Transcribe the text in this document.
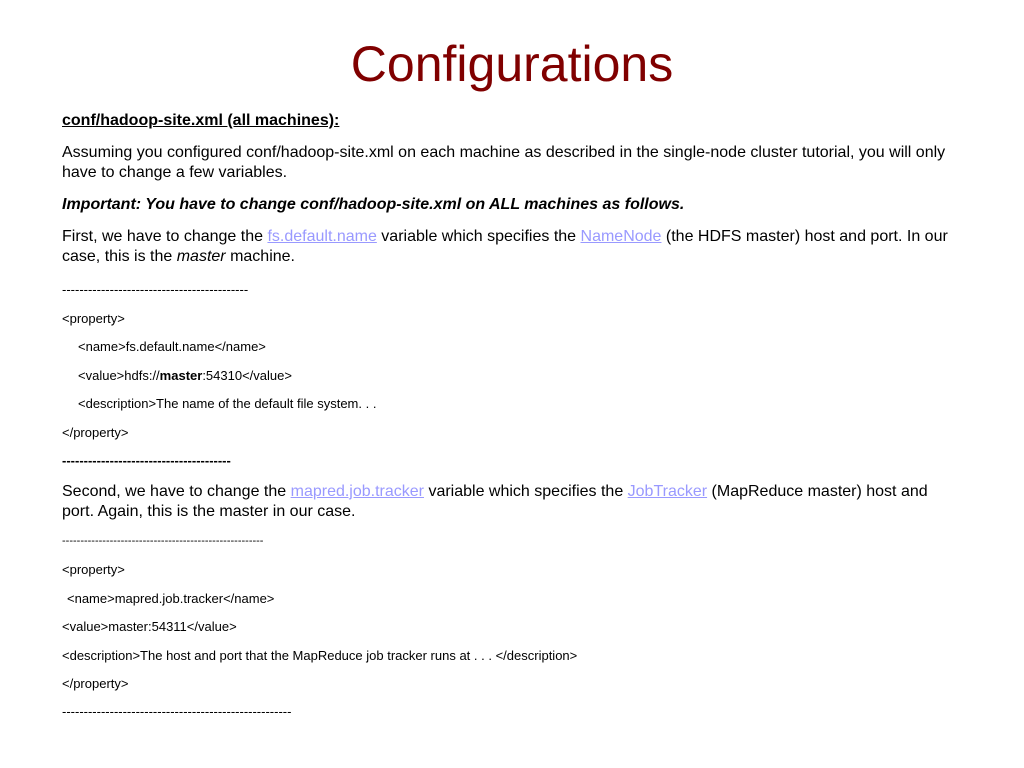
Configurations
conf/hadoop-site.xml (all machines):
Assuming you configured conf/hadoop-site.xml on each machine as described in the single-node cluster tutorial, you will only have to change a few variables.
Important: You have to change conf/hadoop-site.xml on ALL machines as follows.
First, we have to change the fs.default.name variable which specifies the NameNode (the HDFS master) host and port. In our case, this is the master machine.
-------------------------------------------
<property>
<name>fs.default.name</name>
<value>hdfs://master:54310</value>
<description>The name of the default file system. . .
</property>
---------------------------------------
Second, we have to change the mapred.job.tracker variable which specifies the JobTracker (MapReduce master) host and port. Again, this is the master in our case.
-------------------------------------------------------
<property>
<name>mapred.job.tracker</name>
<value>master:54311</value>
<description>The host and port that the MapReduce job tracker runs at . . . </description>
</property>
-----------------------------------------------------
